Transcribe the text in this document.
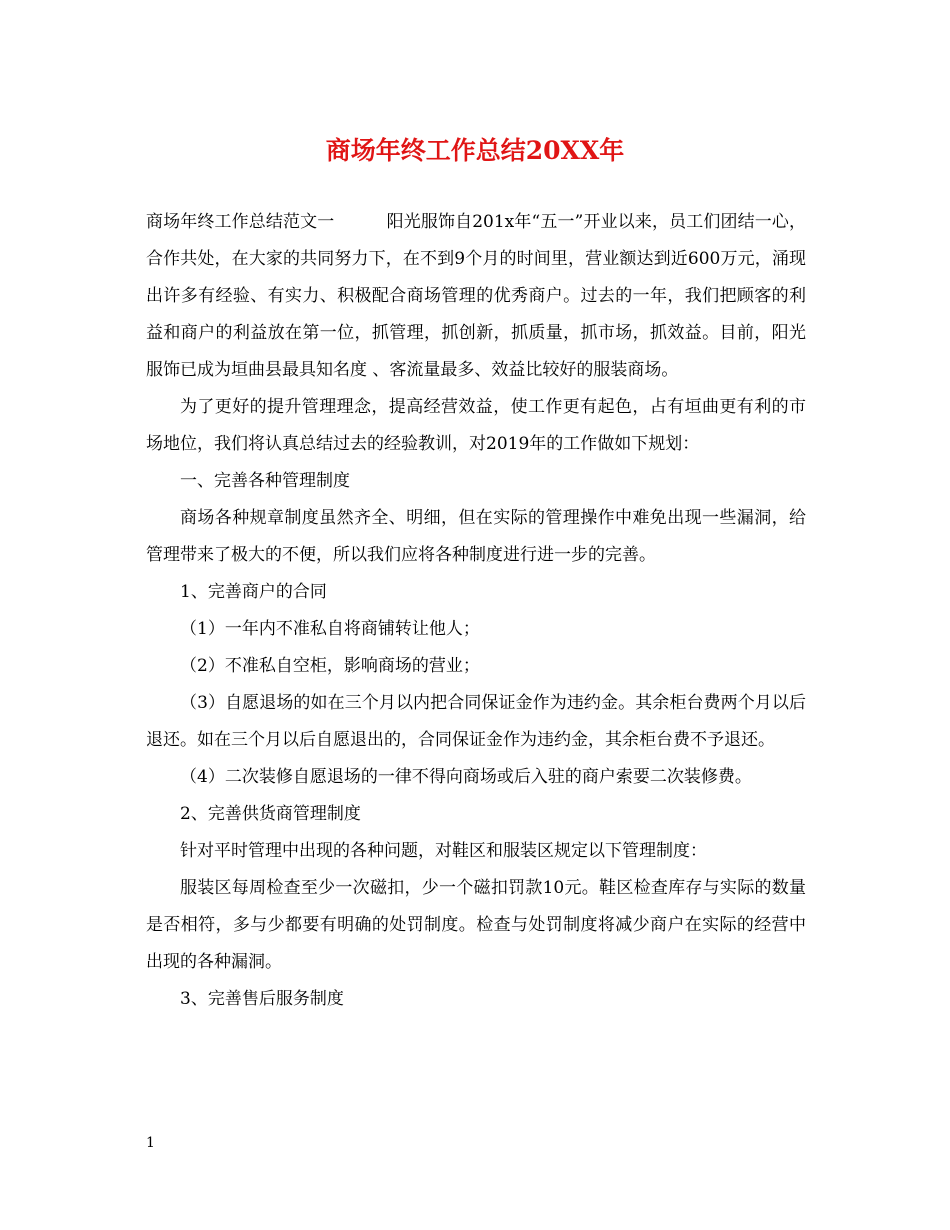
商场年终工作总结20XX年

商场年终工作总结范文一	阳光服饰自201x年“五一”开业以来，员工们团结一心，合作共处，在大家的共同努力下，在不到9个月的时间里，营业额达到近600万元，涌现出许多有经验、有实力、积极配合商场管理的优秀商户。过去的一年，我们把顾客的利益和商户的利益放在第一位，抓管理，抓创新，抓质量，抓市场，抓效益。目前，阳光服饰已成为垣曲县最具知名度 、客流量最多、效益比较好的服装商场。

为了更好的提升管理理念，提高经营效益，使工作更有起色，占有垣曲更有利的市场地位，我们将认真总结过去的经验教训，对2019年的工作做如下规划：

一、完善各种管理制度

商场各种规章制度虽然齐全、明细，但在实际的管理操作中难免出现一些漏洞，给管理带来了极大的不便，所以我们应将各种制度进行进一步的完善。

1、完善商户的合同

（1）一年内不准私自将商铺转让他人；

（2）不准私自空柜，影响商场的营业；

（3）自愿退场的如在三个月以内把合同保证金作为违约金。其余柜台费两个月以后退还。如在三个月以后自愿退出的，合同保证金作为违约金，其余柜台费不予退还。

（4）二次装修自愿退场的一律不得向商场或后入驻的商户索要二次装修费。

2、完善供货商管理制度

针对平时管理中出现的各种问题，对鞋区和服装区规定以下管理制度：

服装区每周检查至少一次磁扣，少一个磁扣罚款10元。鞋区检查库存与实际的数量是否相符，多与少都要有明确的处罚制度。检查与处罚制度将减少商户在实际的经营中出现的各种漏洞。

3、完善售后服务制度

1
